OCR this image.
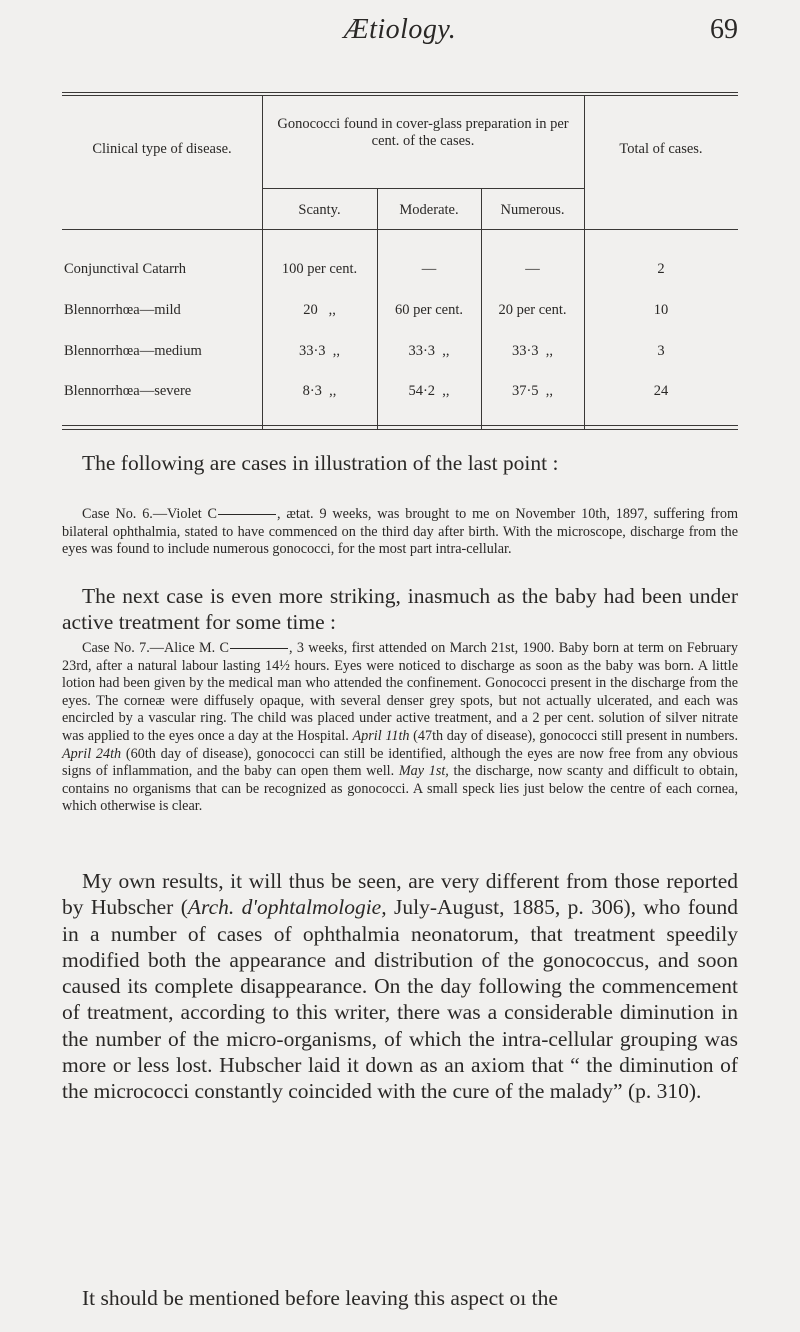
Ætiology.	69
Clinical type of disease.
Gonococci found in cover-glass preparation in per cent. of the cases.	Total of cases.
Scanty.	Moderate.	Numerous.
Conjunctival Catarrh	100 per cent.	—	—	2
Blennorrhœa—mild	20   ,,	60 per cent.	20 per cent.	10
Blennorrhœa—medium	33·3  ,,	33·3  ,,	33·3  ,,	3
Blennorrhœa—severe	8·3  ,,	54·2  ,,	37·5  ,,	24

The following are cases in illustration of the last point :

Case No. 6.—Violet C	, ætat. 9 weeks, was brought to me on November 10th, 1897, suffering from bilateral ophthalmia, stated to have commenced on the third day after birth. With the microscope, discharge from the eyes was found to include numerous gonococci, for the most part intra-cellular.

The next case is even more striking, inasmuch as the baby had been under active treatment for some time :

Case No. 7.—Alice M. C	, 3 weeks, first attended on March 21st, 1900. Baby born at term on February 23rd, after a natural labour lasting 14½ hours. Eyes were noticed to discharge as soon as the baby was born. A little lotion had been given by the medical man who attended the confinement. Gonococci present in the discharge from the eyes. The corneæ were diffusely opaque, with several denser grey spots, but not actually ulcerated, and each was encircled by a vascular ring. The child was placed under active treatment, and a 2 per cent. solution of silver nitrate was applied to the eyes once a day at the Hospital. April 11th (47th day of disease), gonococci still present in numbers. April 24th (60th day of disease), gonococci can still be identified, although the eyes are now free from any obvious signs of inflammation, and the baby can open them well. May 1st, the discharge, now scanty and difficult to obtain, contains no organisms that can be recognized as gonococci. A small speck lies just below the centre of each cornea, which otherwise is clear.

My own results, it will thus be seen, are very different from those reported by Hubscher (Arch. d'ophtalmologie, July-August, 1885, p. 306), who found in a number of cases of ophthalmia neonatorum, that treatment speedily modified both the appearance and distribution of the gonococcus, and soon caused its complete disappearance. On the day following the commencement of treatment, according to this writer, there was a considerable diminution in the number of the micro-organisms, of which the intra-cellular grouping was more or less lost. Hubscher laid it down as an axiom that “ the diminution of the micrococci constantly coincided with the cure of the malady” (p. 310).

It should be mentioned before leaving this aspect oı the
